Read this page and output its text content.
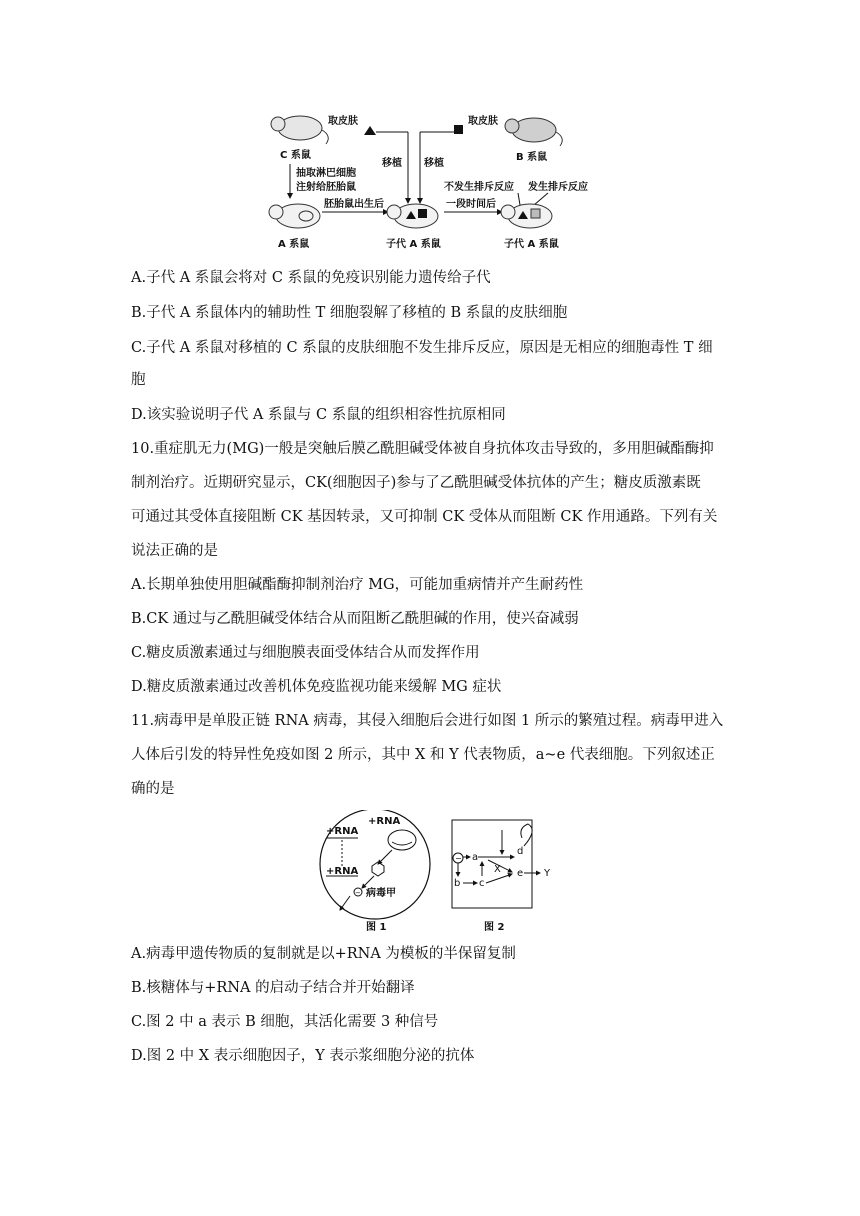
C 系鼠
取皮肤
移植
B 系鼠
取皮肤
移植
抽取淋巴细胞
注射给胚胎鼠
A 系鼠
胚胎鼠出生后
子代 A 系鼠
一段时间后
不发生排斥反应 发生排斥反应
子代 A 系鼠
A.子代 A 系鼠会将对 C 系鼠的免疫识别能力遗传给子代
B.子代 A 系鼠体内的辅助性 T 细胞裂解了移植的 B 系鼠的皮肤细胞
C.子代 A 系鼠对移植的 C 系鼠的皮肤细胞不发生排斥反应，原因是无相应的细胞毒性 T 细
胞
D.该实验说明子代 A 系鼠与 C 系鼠的组织相容性抗原相同
10.重症肌无力(MG)一般是突触后膜乙酰胆碱受体被自身抗体攻击导致的，多用胆碱酯酶抑
制剂治疗。近期研究显示，CK(细胞因子)参与了乙酰胆碱受体抗体的产生；糖皮质激素既
可通过其受体直接阻断 CK 基因转录，又可抑制 CK 受体从而阻断 CK 作用通路。下列有关
说法正确的是
A.长期单独使用胆碱酯酶抑制剂治疗 MG，可能加重病情并产生耐药性
B.CK 通过与乙酰胆碱受体结合从而阻断乙酰胆碱的作用，使兴奋减弱
C.糖皮质激素通过与细胞膜表面受体结合从而发挥作用
D.糖皮质激素通过改善机体免疫监视功能来缓解 MG 症状
11.病毒甲是单股正链 RNA 病毒，其侵入细胞后会进行如图 1 所示的繁殖过程。病毒甲进入
人体后引发的特异性免疫如图 2 所示，其中 X 和 Y 代表物质，a~e 代表细胞。下列叙述正
确的是
+RNA
+RNA
+RNA
− 病毒甲
图 1
− a
b c
d
e
X	Y
图 2
A.病毒甲遗传物质的复制就是以+RNA 为模板的半保留复制
B.核糖体与+RNA 的启动子结合并开始翻译
C.图 2 中 a 表示 B 细胞，其活化需要 3 种信号
D.图 2 中 X 表示细胞因子，Y 表示浆细胞分泌的抗体
